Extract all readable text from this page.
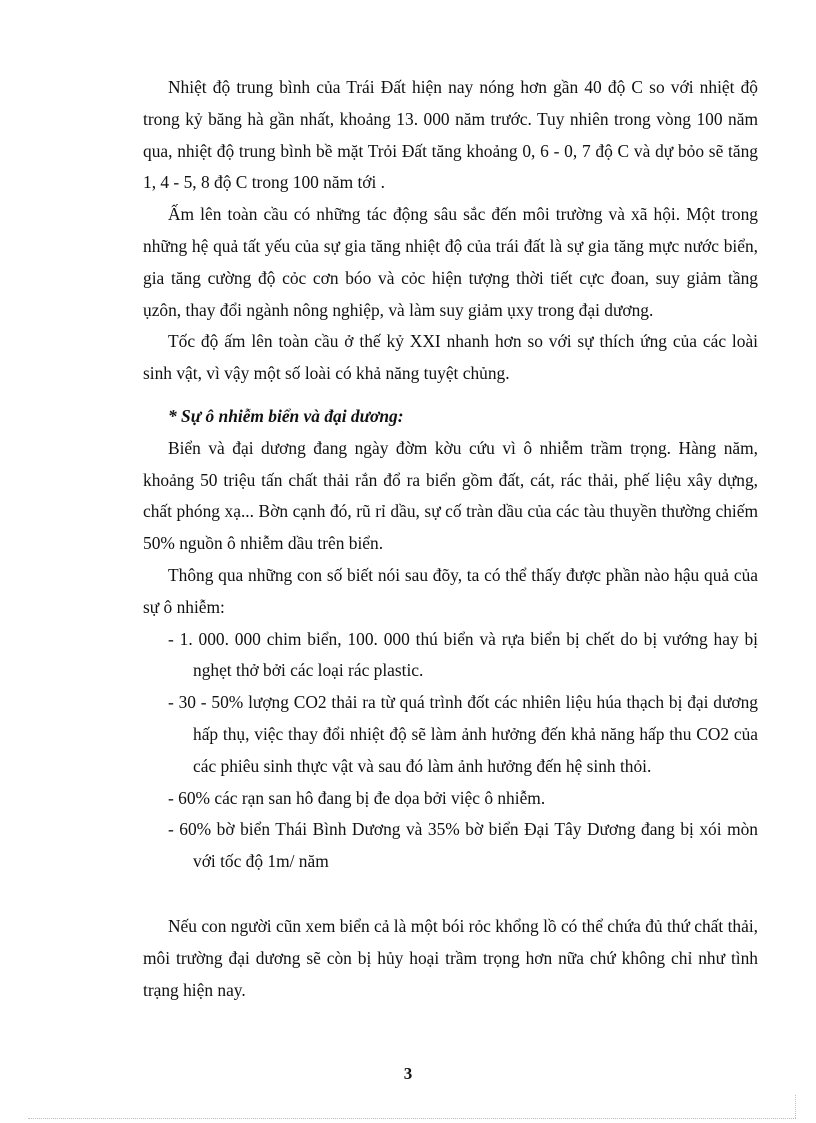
Nhiệt độ trung bình của Trái Đất hiện nay nóng hơn gần 40 độ C so với nhiệt độ trong kỷ băng hà gần nhất, khoảng 13. 000 năm trước. Tuy nhiên trong vòng 100 năm qua, nhiệt độ trung bình bề mặt Trỏi Đất tăng khoảng 0, 6 - 0, 7 độ C và dự bỏo sẽ tăng 1, 4 - 5, 8 độ C trong 100 năm tới .

Ấm lên toàn cầu có những tác động sâu sắc đến môi trường và xã hội. Một trong những hệ quả tất yếu của sự gia tăng nhiệt độ của trái đất là sự gia tăng mực nước biển, gia tăng cường độ cỏc cơn bóo và cỏc hiện tượng thời tiết cực đoan, suy giảm tầng ụzôn, thay đổi ngành nông nghiệp, và làm suy giảm ụxy trong đại dương.

Tốc độ ấm lên toàn cầu ở thế kỷ XXI nhanh hơn so với sự thích ứng của các loài sinh vật, vì vậy một số loài có khả năng tuyệt chủng.

* Sự ô nhiễm biển và đại dương:

Biển và đại dương đang ngày đờm kờu cứu vì ô nhiễm trầm trọng. Hàng năm, khoảng 50 triệu tấn chất thải rắn đổ ra biển gồm đất, cát, rác thải, phế liệu xây dựng, chất phóng xạ... Bờn cạnh đó, rũ rỉ dầu, sự cố tràn dầu của các tàu thuyền thường chiếm 50% nguồn ô nhiễm dầu trên biển.

Thông qua những con số biết nói sau đõy, ta có thể thấy được phần nào hậu quả của sự ô nhiễm:

- 1. 000. 000 chim biển, 100. 000 thú biển và rựa biển bị chết do bị vướng hay bị nghẹt thở bởi các loại rác plastic.

- 30 - 50% lượng CO2 thải ra từ quá trình đốt các nhiên liệu húa thạch bị đại dương hấp thụ, việc thay đổi nhiệt độ sẽ làm ảnh hưởng đến khả năng hấp thu CO2 của các phiêu sinh thực vật và sau đó làm ảnh hưởng đến hệ sinh thỏi.

- 60% các rạn san hô đang bị đe dọa bởi việc ô nhiễm.

- 60% bờ biển Thái Bình Dương và 35% bờ biển Đại Tây Dương đang bị xói mòn với tốc độ 1m/ năm

Nếu con người cũn xem biển cả là một bói rỏc khổng lồ có thể chứa đủ thứ chất thải, môi trường đại dương sẽ còn bị hủy hoại trầm trọng hơn nữa chứ không chỉ như tình trạng hiện nay.

3
